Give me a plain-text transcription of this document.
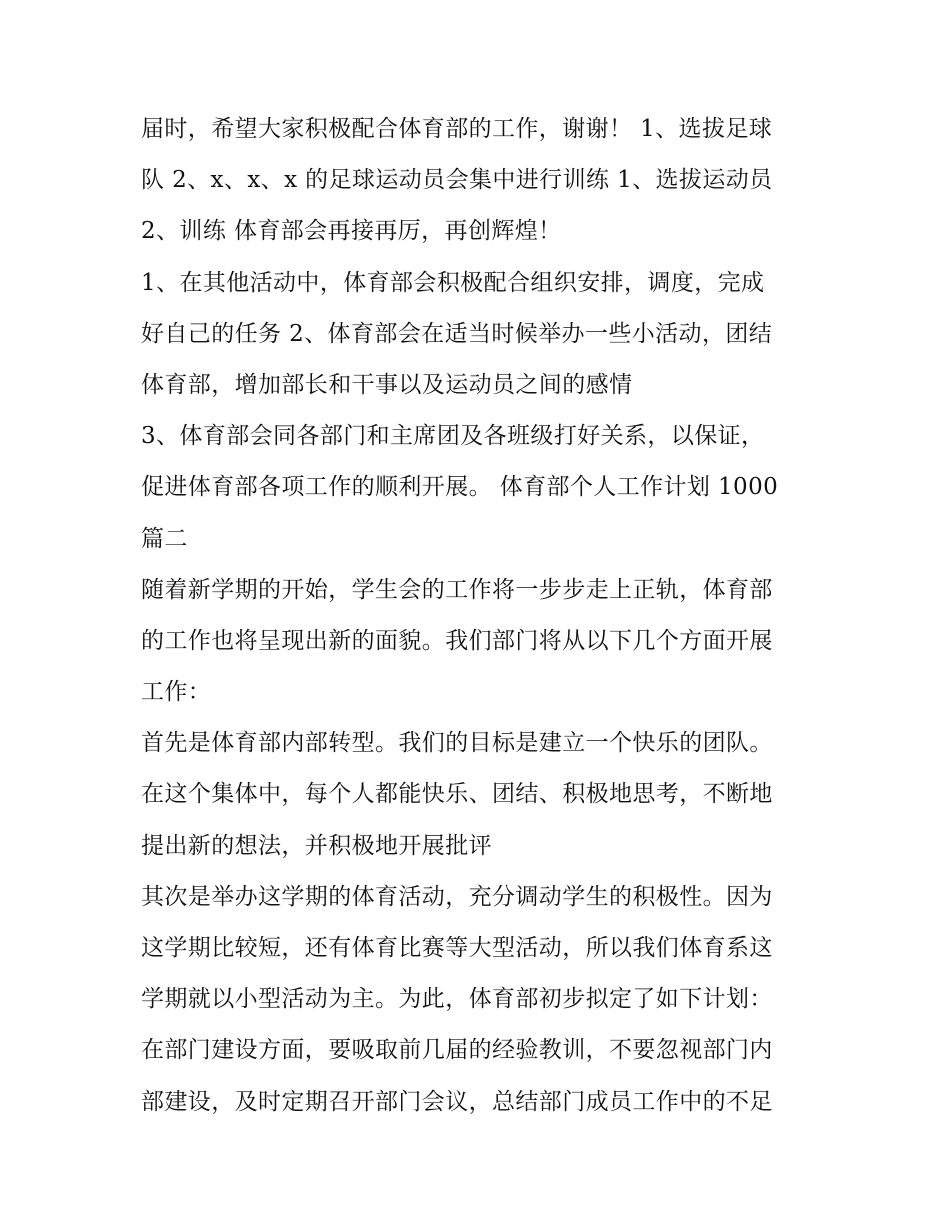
届时，希望大家积极配合体育部的工作，谢谢！ 1、选拔足球

队 2、x、x、x 的足球运动员会集中进行训练 1、选拔运动员

2、训练 体育部会再接再厉，再创辉煌！

1、在其他活动中，体育部会积极配合组织安排，调度，完成

好自己的任务 2、体育部会在适当时候举办一些小活动，团结

体育部，增加部长和干事以及运动员之间的感情

3、体育部会同各部门和主席团及各班级打好关系，以保证，

促进体育部各项工作的顺利开展。 体育部个人工作计划 1000

篇二

随着新学期的开始，学生会的工作将一步步走上正轨，体育部

的工作也将呈现出新的面貌。我们部门将从以下几个方面开展

工作：

首先是体育部内部转型。我们的目标是建立一个快乐的团队。

在这个集体中，每个人都能快乐、团结、积极地思考，不断地

提出新的想法，并积极地开展批评

其次是举办这学期的体育活动，充分调动学生的积极性。因为

这学期比较短，还有体育比赛等大型活动，所以我们体育系这

学期就以小型活动为主。为此，体育部初步拟定了如下计划：

在部门建设方面，要吸取前几届的经验教训，不要忽视部门内

部建设，及时定期召开部门会议，总结部门成员工作中的不足
